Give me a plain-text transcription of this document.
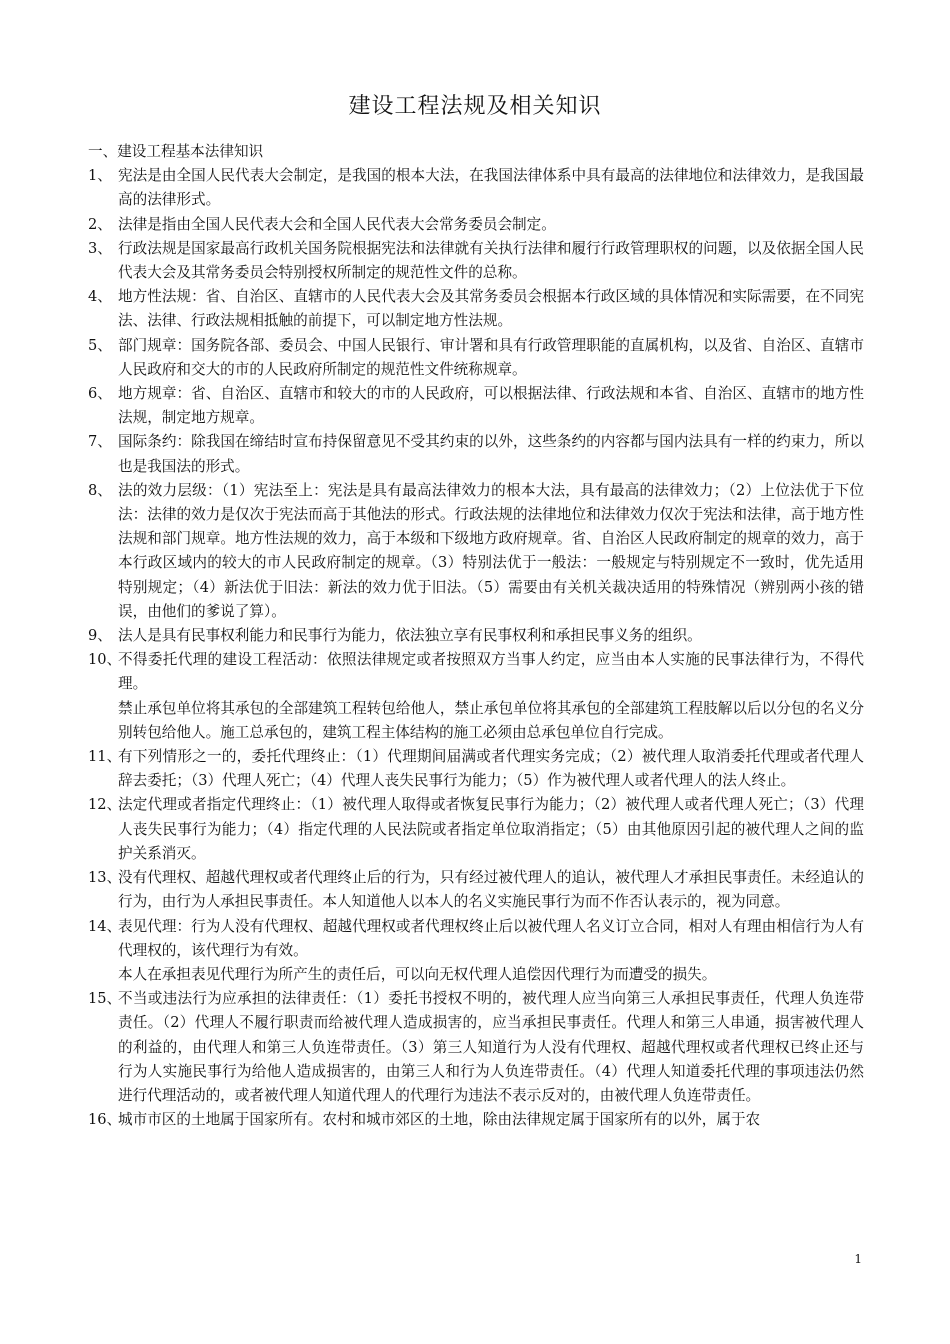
建设工程法规及相关知识

一、建设工程基本法律知识

1、 宪法是由全国人民代表大会制定，是我国的根本大法，在我国法律体系中具有最高的法律地位和法律效力，是我国最高的法律形式。

2、 法律是指由全国人民代表大会和全国人民代表大会常务委员会制定。

3、 行政法规是国家最高行政机关国务院根据宪法和法律就有关执行法律和履行行政管理职权的问题，以及依据全国人民代表大会及其常务委员会特别授权所制定的规范性文件的总称。

4、 地方性法规：省、自治区、直辖市的人民代表大会及其常务委员会根据本行政区域的具体情况和实际需要，在不同宪法、法律、行政法规相抵触的前提下，可以制定地方性法规。

5、 部门规章：国务院各部、委员会、中国人民银行、审计署和具有行政管理职能的直属机构，以及省、自治区、直辖市人民政府和交大的市的人民政府所制定的规范性文件统称规章。

6、 地方规章：省、自治区、直辖市和较大的市的人民政府，可以根据法律、行政法规和本省、自治区、直辖市的地方性法规，制定地方规章。

7、 国际条约：除我国在缔结时宣布持保留意见不受其约束的以外，这些条约的内容都与国内法具有一样的约束力，所以也是我国法的形式。

8、 法的效力层级：（1）宪法至上：宪法是具有最高法律效力的根本大法，具有最高的法律效力；（2）上位法优于下位法：法律的效力是仅次于宪法而高于其他法的形式。行政法规的法律地位和法律效力仅次于宪法和法律，高于地方性法规和部门规章。地方性法规的效力，高于本级和下级地方政府规章。省、自治区人民政府制定的规章的效力，高于本行政区域内的较大的市人民政府制定的规章。（3）特别法优于一般法：一般规定与特别规定不一致时，优先适用特别规定；（4）新法优于旧法：新法的效力优于旧法。（5）需要由有关机关裁决适用的特殊情况（辨别两小孩的错误，由他们的爹说了算）。

9、 法人是具有民事权利能力和民事行为能力，依法独立享有民事权利和承担民事义务的组织。

10、
不得委托代理的建设工程活动：依照法律规定或者按照双方当事人约定，应当由本人实施的民事法律行为，不得代理。

禁止承包单位将其承包的全部建筑工程转包给他人，禁止承包单位将其承包的全部建筑工程肢解以后以分包的名义分别转包给他人。施工总承包的，建筑工程主体结构的施工必须由总承包单位自行完成。

11、
有下列情形之一的，委托代理终止：（1）代理期间届满或者代理实务完成；（2）被代理人取消委托代理或者代理人辞去委托；（3）代理人死亡；（4）代理人丧失民事行为能力；（5）作为被代理人或者代理人的法人终止。

12、
法定代理或者指定代理终止：（1）被代理人取得或者恢复民事行为能力；（2）被代理人或者代理人死亡；（3）代理人丧失民事行为能力；（4）指定代理的人民法院或者指定单位取消指定；（5）由其他原因引起的被代理人之间的监护关系消灭。

13、
没有代理权、超越代理权或者代理终止后的行为，只有经过被代理人的追认，被代理人才承担民事责任。未经追认的行为，由行为人承担民事责任。本人知道他人以本人的名义实施民事行为而不作否认表示的，视为同意。

14、
表见代理：行为人没有代理权、超越代理权或者代理权终止后以被代理人名义订立合同，相对人有理由相信行为人有代理权的，该代理行为有效。

本人在承担表见代理行为所产生的责任后，可以向无权代理人追偿因代理行为而遭受的损失。

15、
不当或违法行为应承担的法律责任：（1）委托书授权不明的，被代理人应当向第三人承担民事责任，代理人负连带责任。（2）代理人不履行职责而给被代理人造成损害的，应当承担民事责任。代理人和第三人串通，损害被代理人的利益的，由代理人和第三人负连带责任。（3）第三人知道行为人没有代理权、超越代理权或者代理权已终止还与行为人实施民事行为给他人造成损害的，由第三人和行为人负连带责任。（4）代理人知道委托代理的事项违法仍然进行代理活动的，或者被代理人知道代理人的代理行为违法不表示反对的，由被代理人负连带责任。

16、
城市市区的土地属于国家所有。农村和城市郊区的土地，除由法律规定属于国家所有的以外，属于农

1
